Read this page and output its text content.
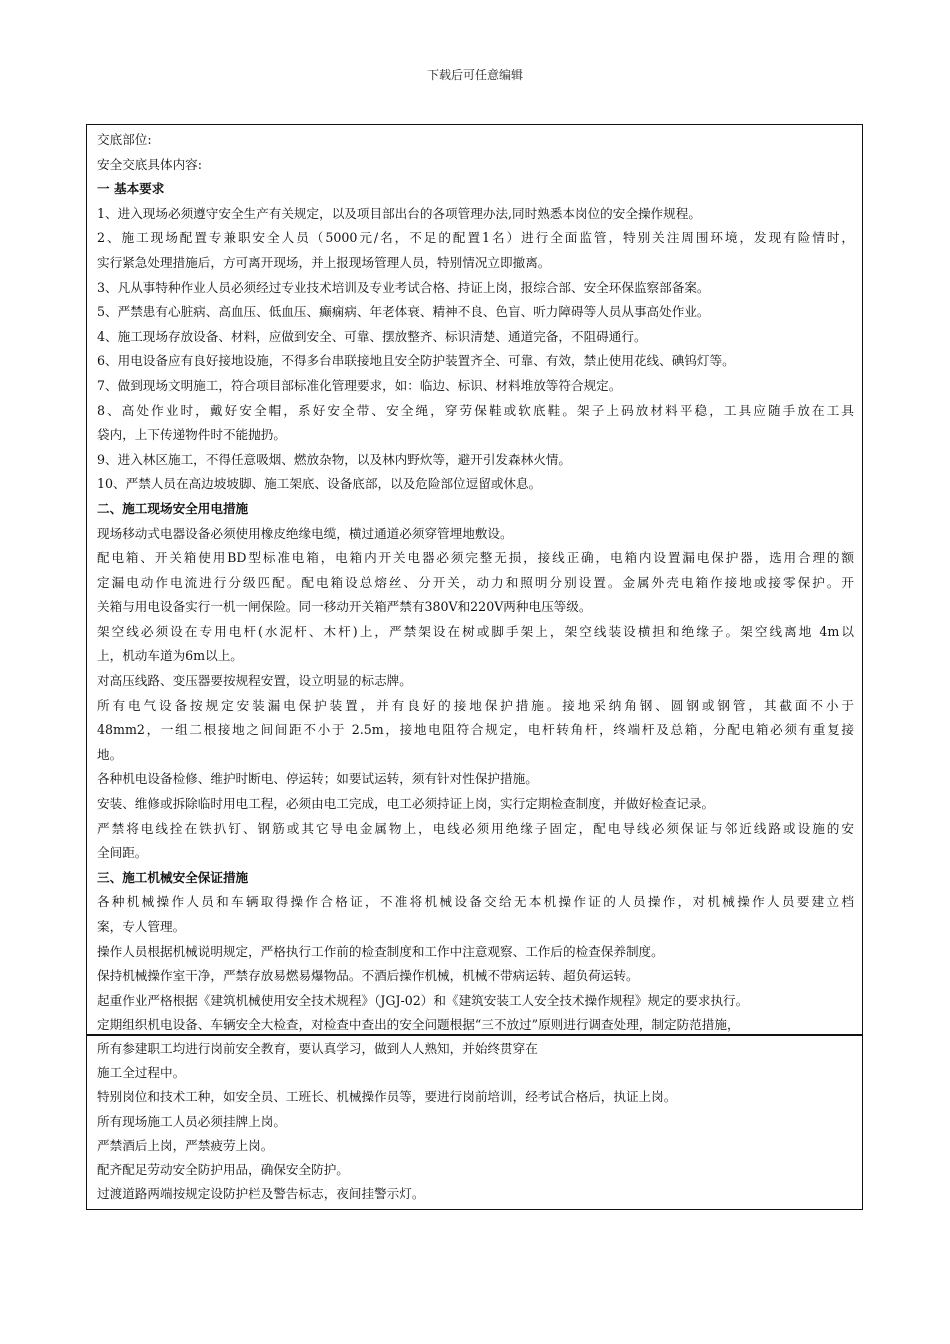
下载后可任意编辑

交底部位:

安全交底具体内容:

一 基本要求

1、进入现场必须遵守安全生产有关规定，以及项目部出台的各项管理办法,同时熟悉本岗位的安全操作规程。

2、施工现场配置专兼职安全人员（5000元/名，不足的配置1名）进行全面监管，特别关注周围环境，发现有险情时，

实行紧急处理措施后，方可离开现场，并上报现场管理人员，特别情况立即撤离。

3、凡从事特种作业人员必须经过专业技术培训及专业考试合格、持证上岗，报综合部、安全环保监察部备案。

5、严禁患有心脏病、高血压、低血压、癫痫病、年老体衰、精神不良、色盲、听力障碍等人员从事高处作业。

4、施工现场存放设备、材料，应做到安全、可靠、摆放整齐、标识清楚、通道完备，不阻碍通行。

6、用电设备应有良好接地设施，不得多台串联接地且安全防护装置齐全、可靠、有效，禁止使用花线、碘钨灯等。

7、做到现场文明施工，符合项目部标准化管理要求，如：临边、标识、材料堆放等符合规定。

8、高处作业时，戴好安全帽，系好安全带、安全绳，穿劳保鞋或软底鞋。架子上码放材料平稳，工具应随手放在工具

袋内，上下传递物件时不能抛扔。

9、进入林区施工，不得任意吸烟、燃放杂物，以及林内野炊等，避开引发森林火情。

10、严禁人员在高边坡坡脚、施工架底、设备底部，以及危险部位逗留或休息。

二、施工现场安全用电措施

现场移动式电器设备必须使用橡皮绝缘电缆，横过通道必须穿管埋地敷设。

配电箱、开关箱使用BD型标准电箱，电箱内开关电器必须完整无损，接线正确，电箱内设置漏电保护器，选用合理的额

定漏电动作电流进行分级匹配。配电箱设总熔丝、分开关，动力和照明分别设置。金属外壳电箱作接地或接零保护。开

关箱与用电设备实行一机一闸保险。同一移动开关箱严禁有380V和220V两种电压等级。

架空线必须设在专用电杆(水泥杆、木杆)上，严禁架设在树或脚手架上，架空线装设横担和绝缘子。架空线离地 4m以

上，机动车道为6m以上。

对高压线路、变压器要按规程安置，设立明显的标志牌。

所有电气设备按规定安装漏电保护装置，并有良好的接地保护措施。接地采纳角钢、圆钢或钢管，其截面不小于

48mm2，一组二根接地之间间距不小于 2.5m，接地电阻符合规定，电杆转角杆，终端杆及总箱，分配电箱必须有重复接

地。

各种机电设备检修、维护时断电、停运转；如要试运转，须有针对性保护措施。

安装、维修或拆除临时用电工程，必须由电工完成，电工必须持证上岗，实行定期检查制度，并做好检查记录。

严禁将电线拴在铁扒钉、钢筋或其它导电金属物上，电线必须用绝缘子固定，配电导线必须保证与邻近线路或设施的安

全间距。

三、施工机械安全保证措施

各种机械操作人员和车辆取得操作合格证，不准将机械设备交给无本机操作证的人员操作，对机械操作人员要建立档

案，专人管理。

操作人员根据机械说明规定，严格执行工作前的检查制度和工作中注意观察、工作后的检查保养制度。

保持机械操作室干净，严禁存放易燃易爆物品。不酒后操作机械，机械不带病运转、超负荷运转。

起重作业严格根据《建筑机械使用安全技术规程》（JGJ-02）和《建筑安装工人安全技术操作规程》规定的要求执行。

定期组织机电设备、车辆安全大检查，对检查中查出的安全问题根据“三不放过”原则进行调查处理，制定防范措施，

所有参建职工均进行岗前安全教育，要认真学习，做到人人熟知，并始终贯穿在

施工全过程中。

特别岗位和技术工种，如安全员、工班长、机械操作员等，要进行岗前培训，经考试合格后，执证上岗。

所有现场施工人员必须挂牌上岗。

严禁酒后上岗，严禁疲劳上岗。

配齐配足劳动安全防护用品，确保安全防护。

过渡道路两端按规定设防护栏及警告标志，夜间挂警示灯。
